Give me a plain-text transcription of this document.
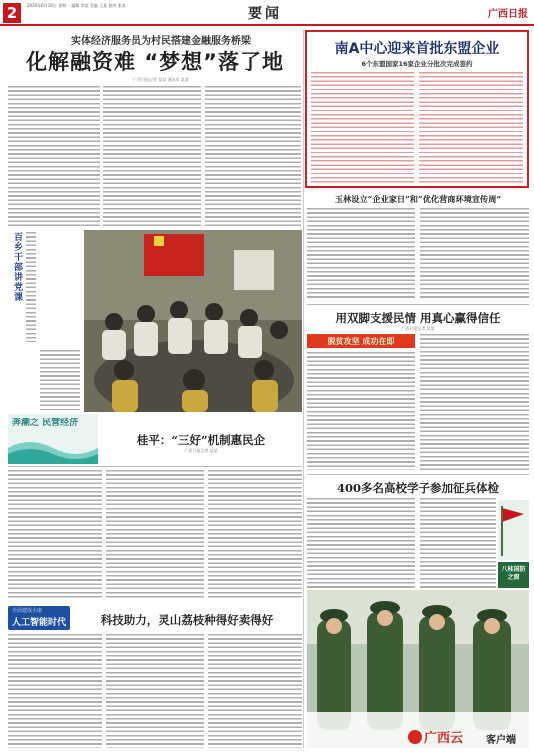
2	2020年6月16日 星期一 编辑 李某 美编 王某 校对 张某
要闻	广西日报
实体经济服务员为村民搭建金融服务桥梁
化解融资难 “梦想”落了地
广西日报记者 某某 通讯员 某某
百乡干部讲党课
奔潮之 民营经济
桂平：“三好”机制惠民企
广西日报记者 某某
全面建成小康
人工智能时代	科技助力，灵山荔枝种得好卖得好
南A中心迎来首批东盟企业
6个东盟国家16家企业分批次完成签约
玉林设立“企业家日”和“优化营商环境宣传周”
用双脚支援民情 用真心赢得信任
广西日报记者 某某
脱贫攻坚 成功在即
400多名高校学子参加征兵体检
八桂国防之窗
广西云	客户端
